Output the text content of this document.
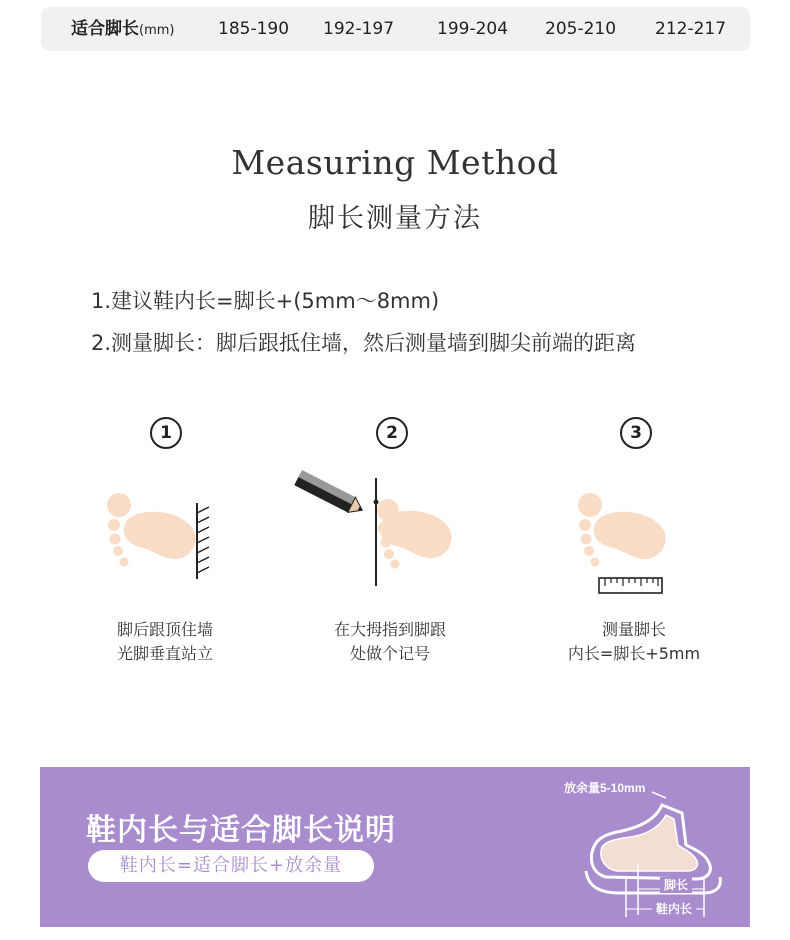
适合脚长(mm)	185-190 192-197	199-204 205-210 212-217
Measuring Method
脚长测量方法
1.建议鞋内长=脚长+(5mm～8mm)
2.测量脚长：脚后跟抵住墙，然后测量墙到脚尖前端的距离
1
脚后跟顶住墙
光脚垂直站立
2
在大拇指到脚跟
处做个记号
3
测量脚长
内长=脚长+5mm
鞋内长与适合脚长说明
鞋内长=适合脚长+放余量
放余量5-10mm
脚长
鞋内长
